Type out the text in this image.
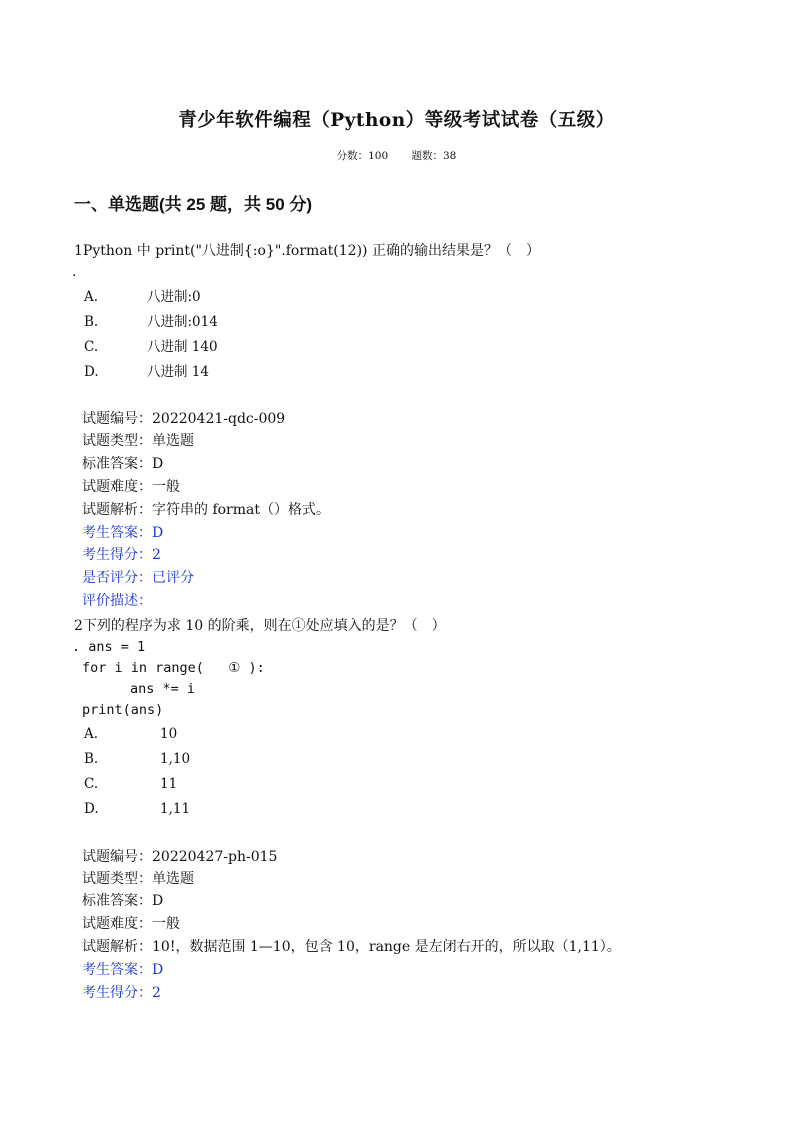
青少年软件编程（Python）等级考试试卷（五级）
分数：100 题数：38
一、单选题(共 25 题，共 50 分)
1Python 中 print("八进制{:o}".format(12)) 正确的输出结果是？（　）
.
A.	八进制:0
B.	八进制:014
C.	八进制 140
D.	八进制 14
试题编号：20220421-qdc-009
试题类型：单选题
标准答案：D
试题难度：一般
试题解析：字符串的 format（）格式。
考生答案：D
考生得分：2
是否评分：已评分
评价描述：
2下列的程序为求 10 的阶乘，则在①处应填入的是？（　）
. ans = 1
for i in range(   ① ):
ans *= i
print(ans)
A.	10
B.	1,10
C.	11
D.	1,11
试题编号：20220427-ph-015
试题类型：单选题
标准答案：D
试题难度：一般
试题解析：10!，数据范围 1—10，包含 10，range 是左闭右开的，所以取（1,11）。
考生答案：D
考生得分：2
